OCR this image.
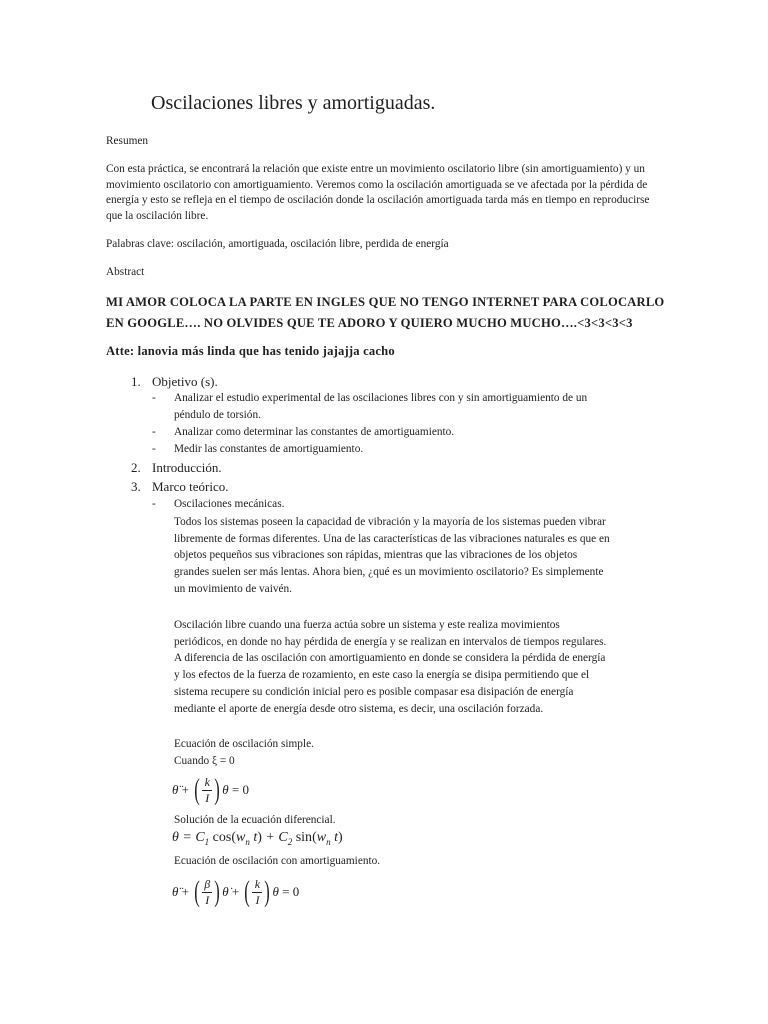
Oscilaciones libres y amortiguadas.
Resumen
Con esta práctica, se encontrará la relación que existe entre un movimiento oscilatorio libre (sin amortiguamiento) y un
movimiento oscilatorio con amortiguamiento. Veremos como la oscilación amortiguada se ve afectada por la pérdida de
energía y esto se refleja en el tiempo de oscilación donde la oscilación amortiguada tarda más en tiempo en reproducirse
que la oscilación libre.
Palabras clave: oscilación, amortiguada, oscilación libre, perdida de energía
Abstract
MI AMOR COLOCA LA PARTE EN INGLES QUE NO TENGO INTERNET PARA COLOCARLO
EN GOOGLE…. NO OLVIDES QUE TE ADORO Y QUIERO MUCHO MUCHO….<3<3<3<3
Atte: lanovia más linda que has tenido jajajja cacho
1. Objetivo (s).
- Analizar el estudio experimental de las oscilaciones libres con y sin amortiguamiento de un
péndulo de torsión.
- Analizar como determinar las constantes de amortiguamiento.
- Medir las constantes de amortiguamiento.
2. Introducción.
3. Marco teórico.
- Oscilaciones mecánicas.
Todos los sistemas poseen la capacidad de vibración y la mayoría de los sistemas pueden vibrar
libremente de formas diferentes. Una de las características de las vibraciones naturales es que en
objetos pequeños sus vibraciones son rápidas, mientras que las vibraciones de los objetos
grandes suelen ser más lentas. Ahora bien, ¿qué es un movimiento oscilatorio? Es simplemente
un movimiento de vaivén.
Oscilación libre cuando una fuerza actúa sobre un sistema y este realiza movimientos
periódicos, en donde no hay pérdida de energía y se realizan en intervalos de tiempos regulares.
A diferencia de las oscilación con amortiguamiento en donde se considera la pérdida de energía
y los efectos de la fuerza de rozamiento, en este caso la energía se disipa permitiendo que el
sistema recupere su condición inicial pero es posible compasar esa disipación de energía
mediante el aporte de energía desde otro sistema, es decir, una oscilación forzada.
Ecuación de oscilación simple.
Cuando ξ = 0
θ̈
+
( $\frac{k}{I}$ ) θ
= 0
Solución de la ecuación diferencial.
$\theta = C_1$ $\cos(w_n$ $t) + C_2$ $\sin(w_n$ t)
Ecuación de oscilación con amortiguamiento.
θ̈
+
( $\frac{\beta}{I}$ ) θ̇
+
( $\frac{k}{I}$ ) θ
= 0
